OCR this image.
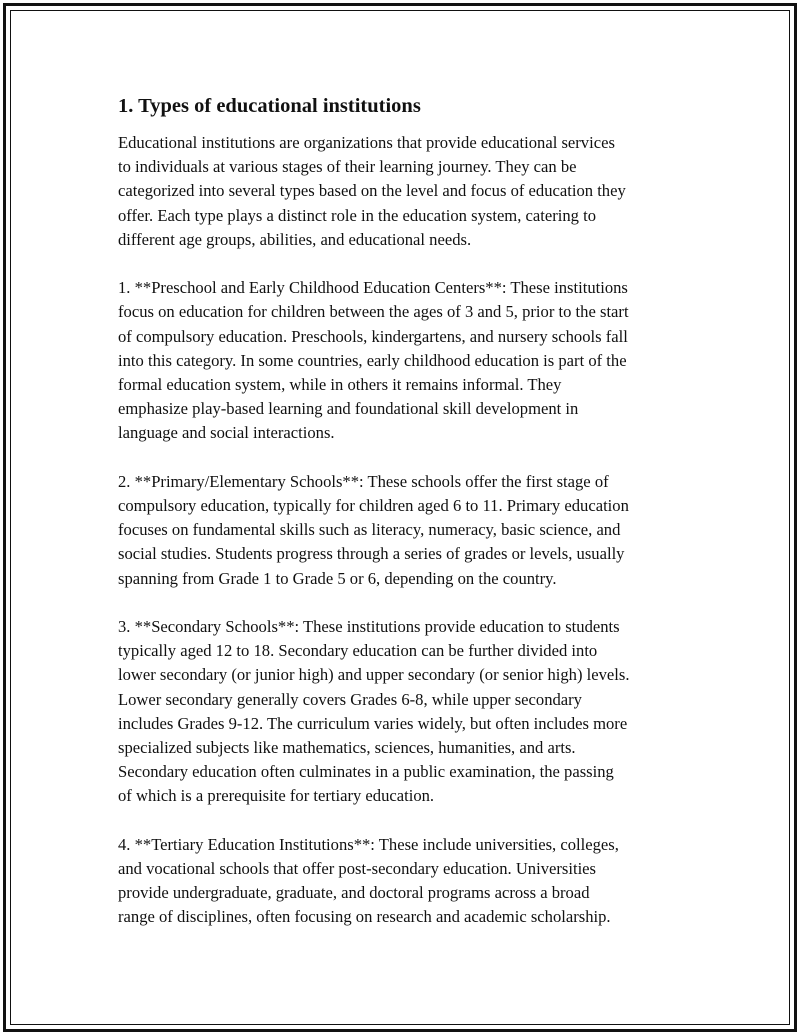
1. Types of educational institutions
Educational institutions are organizations that provide educational services
to individuals at various stages of their learning journey. They can be
categorized into several types based on the level and focus of education they
offer. Each type plays a distinct role in the education system, catering to
different age groups, abilities, and educational needs.
1. **Preschool and Early Childhood Education Centers**: These institutions
focus on education for children between the ages of 3 and 5, prior to the start
of compulsory education. Preschools, kindergartens, and nursery schools fall
into this category. In some countries, early childhood education is part of the
formal education system, while in others it remains informal. They
emphasize play-based learning and foundational skill development in
language and social interactions.
2. **Primary/Elementary Schools**: These schools offer the first stage of
compulsory education, typically for children aged 6 to 11. Primary education
focuses on fundamental skills such as literacy, numeracy, basic science, and
social studies. Students progress through a series of grades or levels, usually
spanning from Grade 1 to Grade 5 or 6, depending on the country.
3. **Secondary Schools**: These institutions provide education to students
typically aged 12 to 18. Secondary education can be further divided into
lower secondary (or junior high) and upper secondary (or senior high) levels.
Lower secondary generally covers Grades 6-8, while upper secondary
includes Grades 9-12. The curriculum varies widely, but often includes more
specialized subjects like mathematics, sciences, humanities, and arts.
Secondary education often culminates in a public examination, the passing
of which is a prerequisite for tertiary education.
4. **Tertiary Education Institutions**: These include universities, colleges,
and vocational schools that offer post-secondary education. Universities
provide undergraduate, graduate, and doctoral programs across a broad
range of disciplines, often focusing on research and academic scholarship.
